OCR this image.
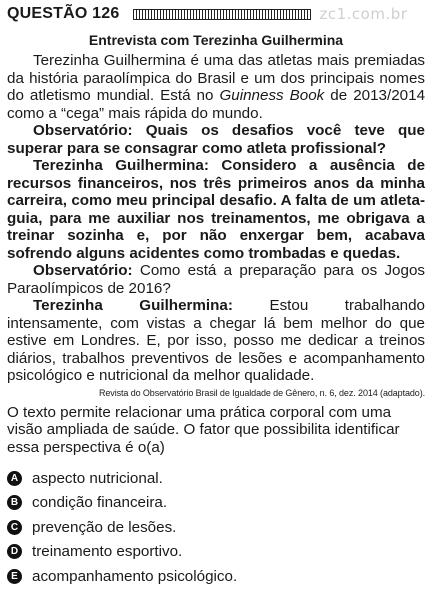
QUESTÃO 126	zc1.com.br
Entrevista com Terezinha Guilhermina

Terezinha Guilhermina é uma das atletas mais premiadas da história paraolímpica do Brasil e um dos principais nomes do atletismo mundial. Está no Guinness Book de 2013/2014 como a “cega” mais rápida do mundo.

Observatório: Quais os desafios você teve que superar para se consagrar como atleta profissional?

Terezinha Guilhermina: Considero a ausência de recursos financeiros, nos três primeiros anos da minha carreira, como meu principal desafio. A falta de um atleta-guia, para me auxiliar nos treinamentos, me obrigava a treinar sozinha e, por não enxergar bem, acabava sofrendo alguns acidentes como trombadas e quedas.

Observatório: Como está a preparação para os Jogos Paraolímpicos de 2016?

Terezinha Guilhermina: Estou trabalhando intensamente, com vistas a chegar lá bem melhor do que estive em Londres. E, por isso, posso me dedicar a treinos diários, trabalhos preventivos de lesões e acompanhamento psicológico e nutricional da melhor qualidade.

Revista do Observatório Brasil de Igualdade de Gênero, n. 6, dez. 2014 (adaptado).
O texto permite relacionar uma prática corporal com uma visão ampliada de saúde. O fator que possibilita identificar essa perspectiva é o(a)
A aspecto nutricional.
B condição financeira.
C prevenção de lesões.
D treinamento esportivo.
E acompanhamento psicológico.
